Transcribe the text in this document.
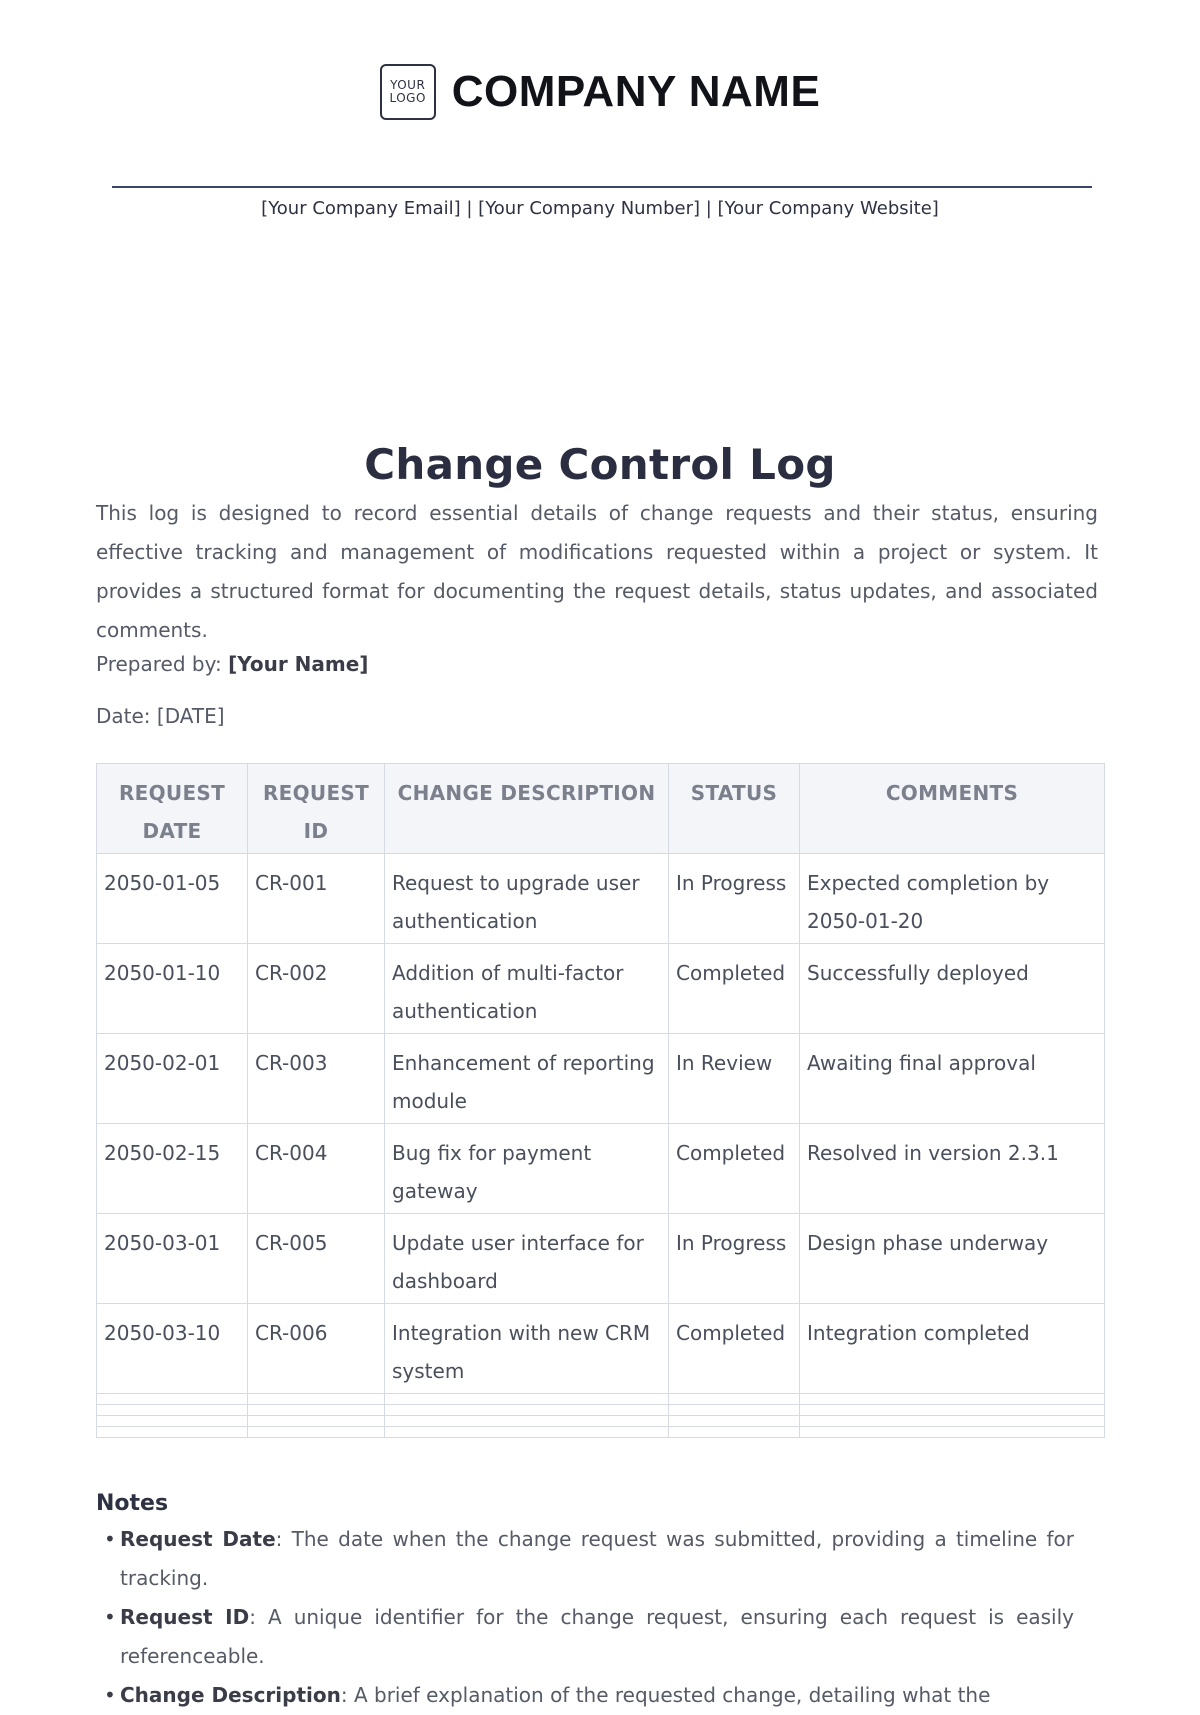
YOUR
LOGO COMPANY NAME
[Your Company Email] | [Your Company Number] | [Your Company Website]
Change Control Log

This log is designed to record essential details of change requests and their status, ensuring effective tracking and management of modifications requested within a project or system. It provides a structured format for documenting the request details, status updates, and associated comments.

Prepared by: [Your Name]
Date: [DATE]
REQUEST DATE	REQUEST ID	CHANGE DESCRIPTION	STATUS	COMMENTS
2050-01-05	CR-001	Request to upgrade user authentication	In Progress	Expected completion by 2050-01-20
2050-01-10	CR-002	Addition of multi-factor authentication	Completed	Successfully deployed
2050-02-01	CR-003	Enhancement of reporting module	In Review	Awaiting final approval
2050-02-15	CR-004	Bug fix for payment gateway	Completed	Resolved in version 2.3.1
2050-03-01	CR-005	Update user interface for dashboard	In Progress	Design phase underway
2050-03-10	CR-006	Integration with new CRM system	Completed	Integration completed

Notes
• Request Date: The date when the change request was submitted, providing a timeline for tracking.
• Request ID: A unique identifier for the change request, ensuring each request is easily referenceable.
• Change Description: A brief explanation of the requested change, detailing what the
